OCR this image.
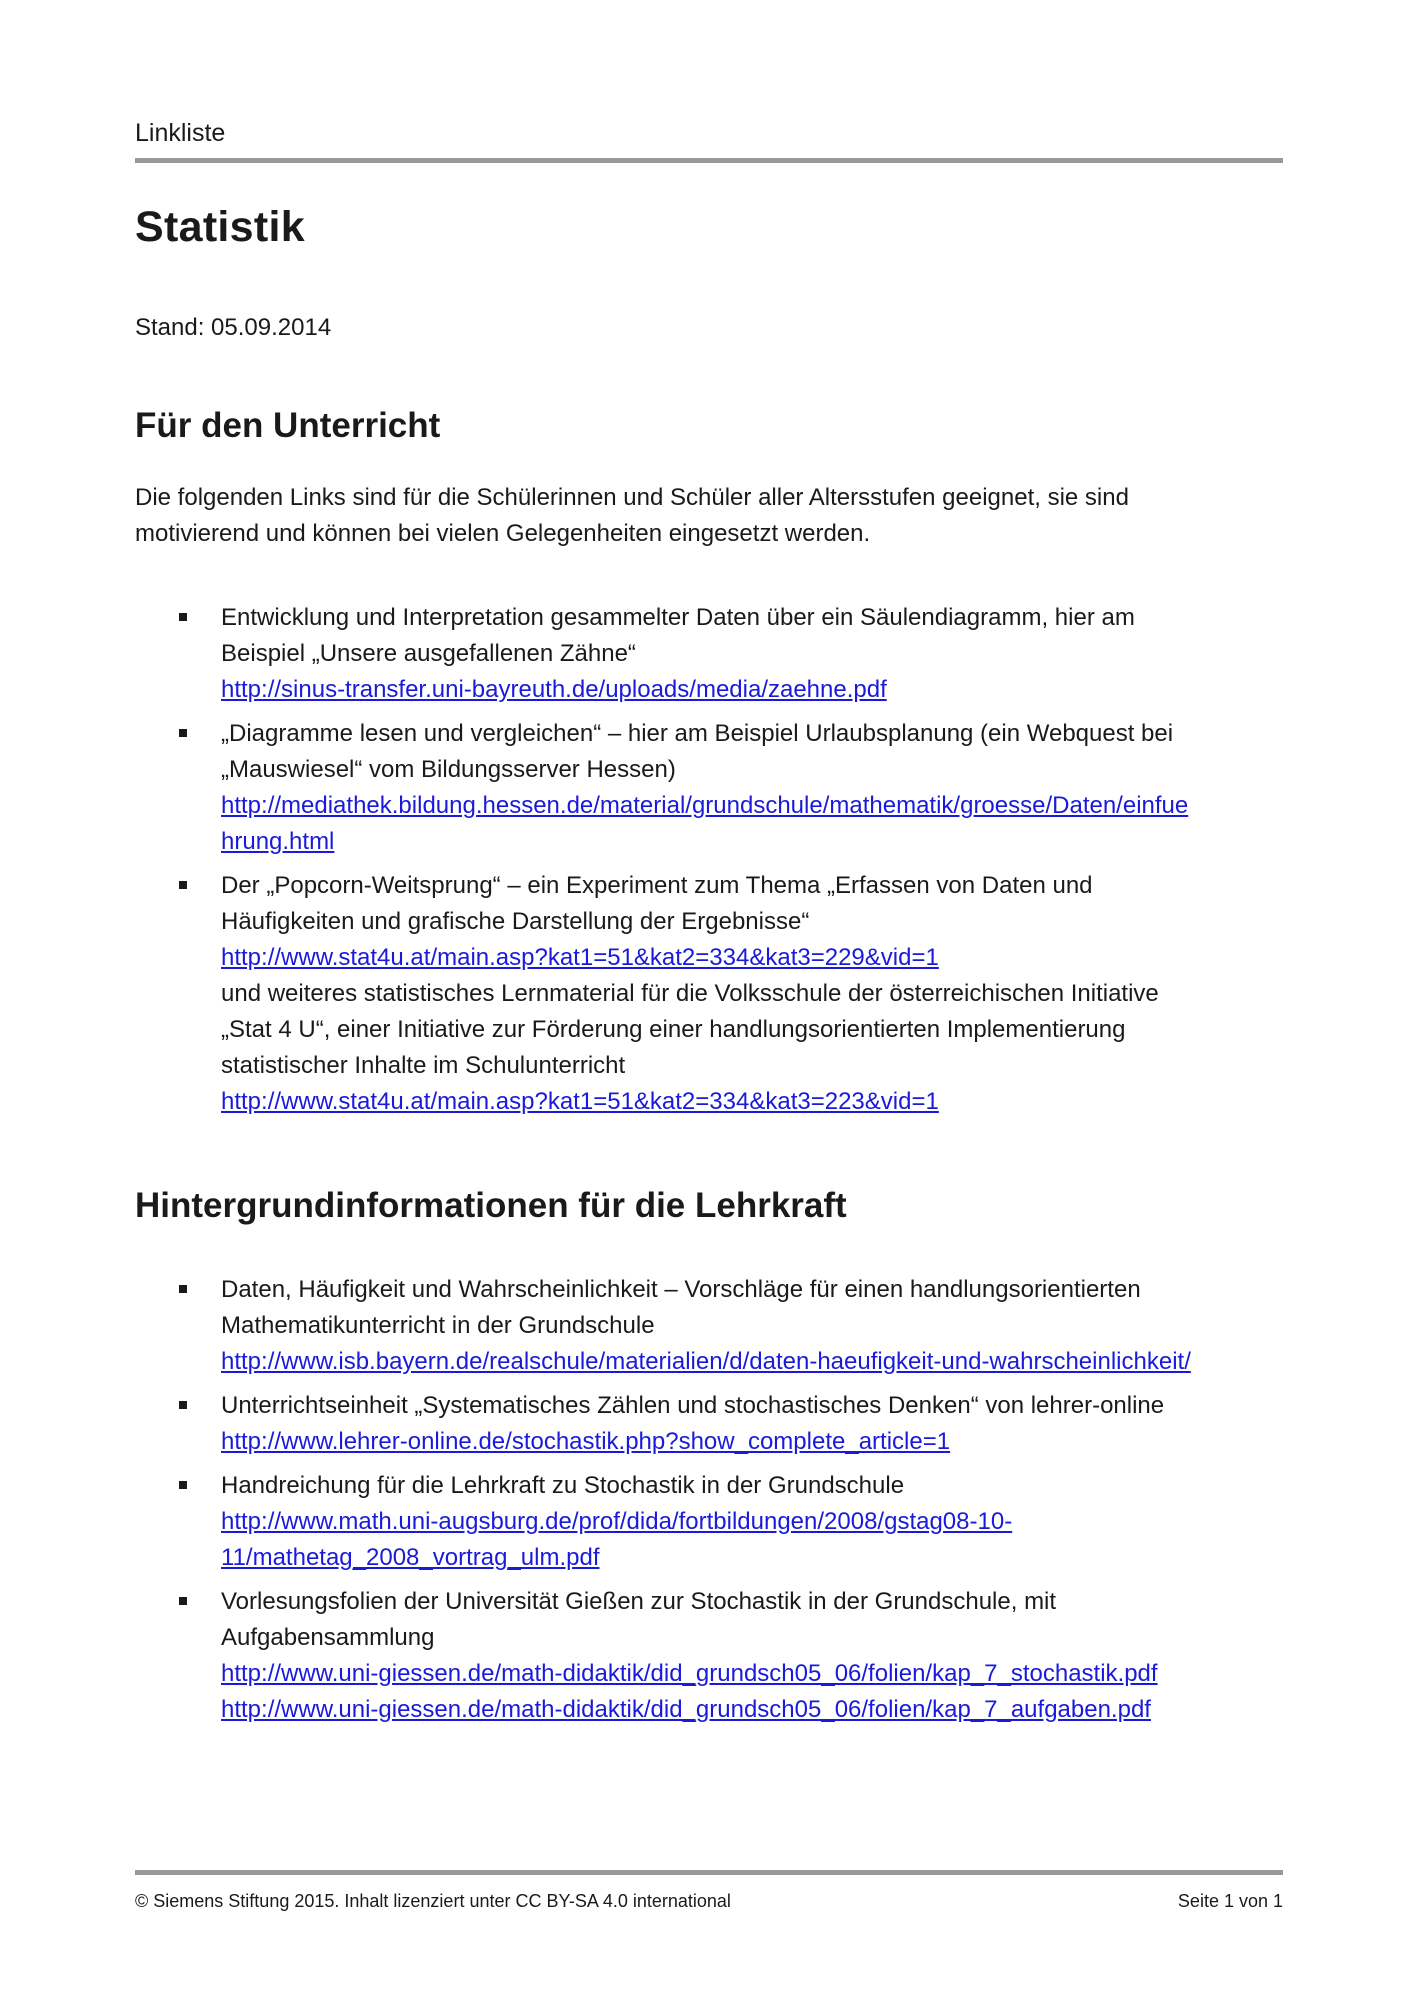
Linkliste
Statistik
Stand: 05.09.2014
Für den Unterricht
Die folgenden Links sind für die Schülerinnen und Schüler aller Altersstufen geeignet, sie sind
motivierend und können bei vielen Gelegenheiten eingesetzt werden.
Entwicklung und Interpretation gesammelter Daten über ein Säulendiagramm, hier am
Beispiel „Unsere ausgefallenen Zähne“
http://sinus-transfer.uni-bayreuth.de/uploads/media/zaehne.pdf
„Diagramme lesen und vergleichen“ – hier am Beispiel Urlaubsplanung (ein Webquest bei
„Mauswiesel“ vom Bildungsserver Hessen)
http://mediathek.bildung.hessen.de/material/grundschule/mathematik/groesse/Daten/einfue
hrung.html
Der „Popcorn-Weitsprung“ – ein Experiment zum Thema „Erfassen von Daten und
Häufigkeiten und grafische Darstellung der Ergebnisse“
http://www.stat4u.at/main.asp?kat1=51&kat2=334&kat3=229&vid=1
und weiteres statistisches Lernmaterial für die Volksschule der österreichischen Initiative
„Stat 4 U“, einer Initiative zur Förderung einer handlungsorientierten Implementierung
statistischer Inhalte im Schulunterricht
http://www.stat4u.at/main.asp?kat1=51&kat2=334&kat3=223&vid=1
Hintergrundinformationen für die Lehrkraft
Daten, Häufigkeit und Wahrscheinlichkeit – Vorschläge für einen handlungsorientierten
Mathematikunterricht in der Grundschule
http://www.isb.bayern.de/realschule/materialien/d/daten-haeufigkeit-und-wahrscheinlichkeit/
Unterrichtseinheit „Systematisches Zählen und stochastisches Denken“ von lehrer-online
http://www.lehrer-online.de/stochastik.php?show_complete_article=1
Handreichung für die Lehrkraft zu Stochastik in der Grundschule
http://www.math.uni-augsburg.de/prof/dida/fortbildungen/2008/gstag08-10-
11/mathetag_2008_vortrag_ulm.pdf
Vorlesungsfolien der Universität Gießen zur Stochastik in der Grundschule, mit
Aufgabensammlung
http://www.uni-giessen.de/math-didaktik/did_grundsch05_06/folien/kap_7_stochastik.pdf
http://www.uni-giessen.de/math-didaktik/did_grundsch05_06/folien/kap_7_aufgaben.pdf
© Siemens Stiftung 2015. Inhalt lizenziert unter CC BY-SA 4.0 international	Seite 1 von 1
